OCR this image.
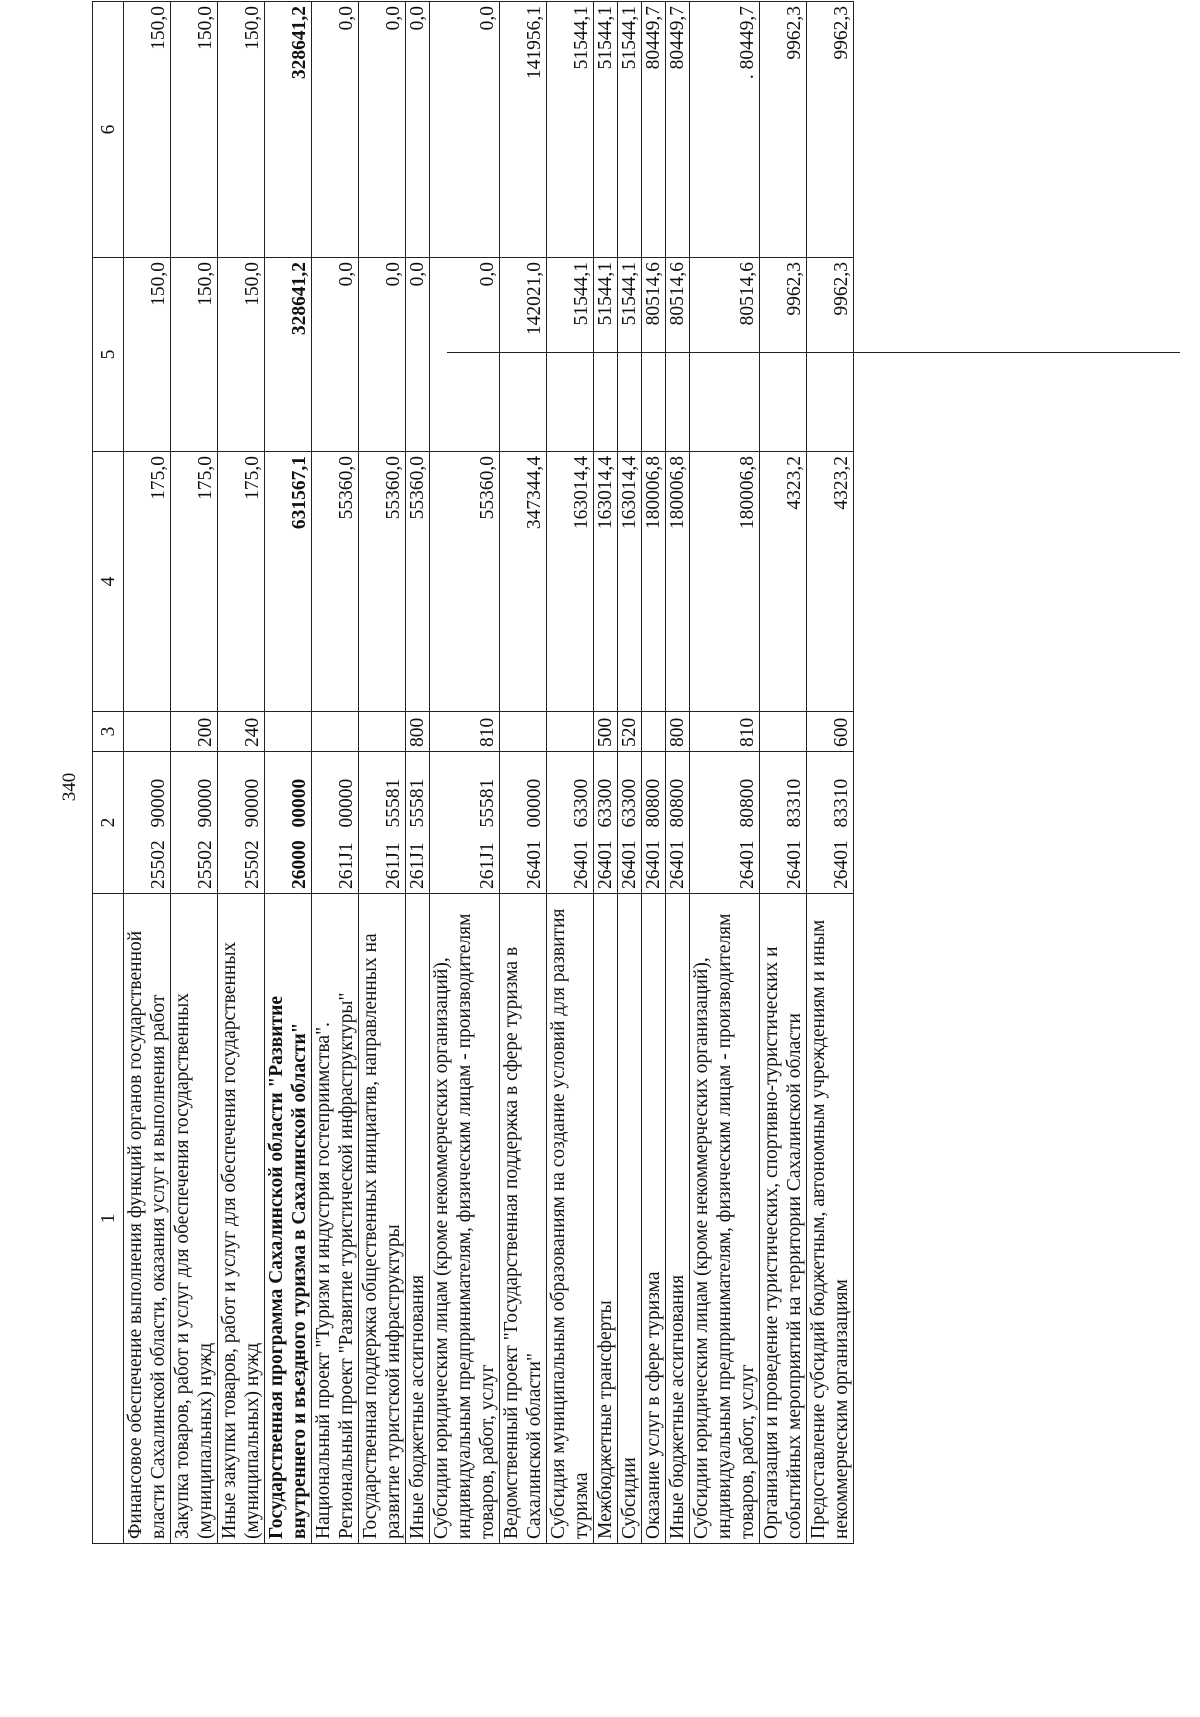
340
1	2		3	4	5	6
Финансовое обеспечение выполнения функций органов государственной власти Сахалинской области, оказания услуг и выполнения работ	25502	90000		175,0	150,0	150,0
Закупка товаров, работ и услуг для обеспечения государственных (муниципальных) нужд	25502	90000	200	175,0	150,0	150,0
Иные закупки товаров, работ и услуг для обеспечения государственных (муниципальных) нужд	25502	90000	240	175,0	150,0	150,0
Государственная программа Сахалинской области "Развитие внутреннего и въездного туризма в Сахалинской области"	26000	00000		631567,1	328641,2	328641,2
Национальный проект "Туризм и индустрия гостеприимства". Региональный проект "Развитие туристической инфраструктуры"	261J1	00000		55360,0	0,0	0,0
Государственная поддержка общественных инициатив, направленных на развитие туристской инфраструктуры	261J1	55581		55360,0	0,0	0,0
Иные бюджетные ассигнования	261J1	55581	800	55360,0	0,0	0,0
Субсидии юридическим лицам (кроме некоммерческих организаций), индивидуальным предпринимателям, физическим лицам - производителям товаров, работ, услуг	261J1	55581	810	55360,0	0,0	0,0
Ведомственный проект "Государственная поддержка в сфере туризма в Сахалинской области"	26401	00000		347344,4	142021,0	141956,1
Субсидия муниципальным образованиям на создание условий для развития туризма	26401	63300		163014,4	51544,1	51544,1
Межбюджетные трансферты	26401	63300	500	163014,4	51544,1	51544,1
Субсидии	26401	63300	520	163014,4	51544,1	51544,1
Оказание услуг в сфере туризма	26401	80800		180006,8	80514,6	80449,7
Иные бюджетные ассигнования	26401	80800	800	180006,8	80514,6	80449,7
Субсидии юридическим лицам (кроме некоммерческих организаций), индивидуальным предпринимателям, физическим лицам - производителям товаров, работ, услуг	26401	80800	810	180006,8	80514,6	. 80449,7
Организация и проведение туристических, спортивно-туристических и событийных мероприятий на территории Сахалинской области	26401	83310		4323,2	9962,3	9962,3
Предоставление субсидий бюджетным, автономным учреждениям и иным некоммерческим организациям	26401	83310	600	4323,2	9962,3	9962,3
